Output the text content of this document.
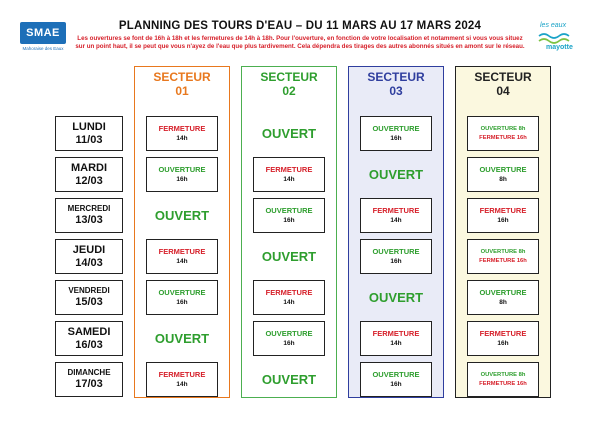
SMAE
Mahoraise des Eaux
les eaux
mayotte
PLANNING DES TOURS D'EAU – DU 11 MARS AU 17 MARS 2024
Les ouvertures se font de 16h à 18h et les fermetures de 14h à 18h. Pour l'ouverture, en fonction de votre localisation et notamment si vous vous situez sur un point haut, il se peut que vous n'ayez de l'eau que plus tardivement. Cela dépendra des tirages des autres abonnés situés en amont sur le réseau.
SECTEUR
01
SECTEUR
02
SECTEUR
03
SECTEUR
04
LUNDI
11/03
MARDI
12/03
MERCREDI
13/03
JEUDI
14/03
VENDREDI
15/03
SAMEDI
16/03
DIMANCHE
17/03
FERMETURE
14h
OUVERTURE
16h
OUVERT
FERMETURE
14h
OUVERTURE
16h
OUVERT
FERMETURE
14h
OUVERT
FERMETURE
14h
OUVERTURE
16h
OUVERT
FERMETURE
14h
OUVERTURE
16h
OUVERT
OUVERTURE
16h
OUVERT
FERMETURE
14h
OUVERTURE
16h
OUVERT
FERMETURE
14h
OUVERTURE
16h
OUVERTURE 8h
FERMETURE 16h
OUVERTURE
8h
FERMETURE
16h
OUVERTURE 8h
FERMETURE 16h
OUVERTURE
8h
FERMETURE
16h
OUVERTURE 8h
FERMETURE 16h
